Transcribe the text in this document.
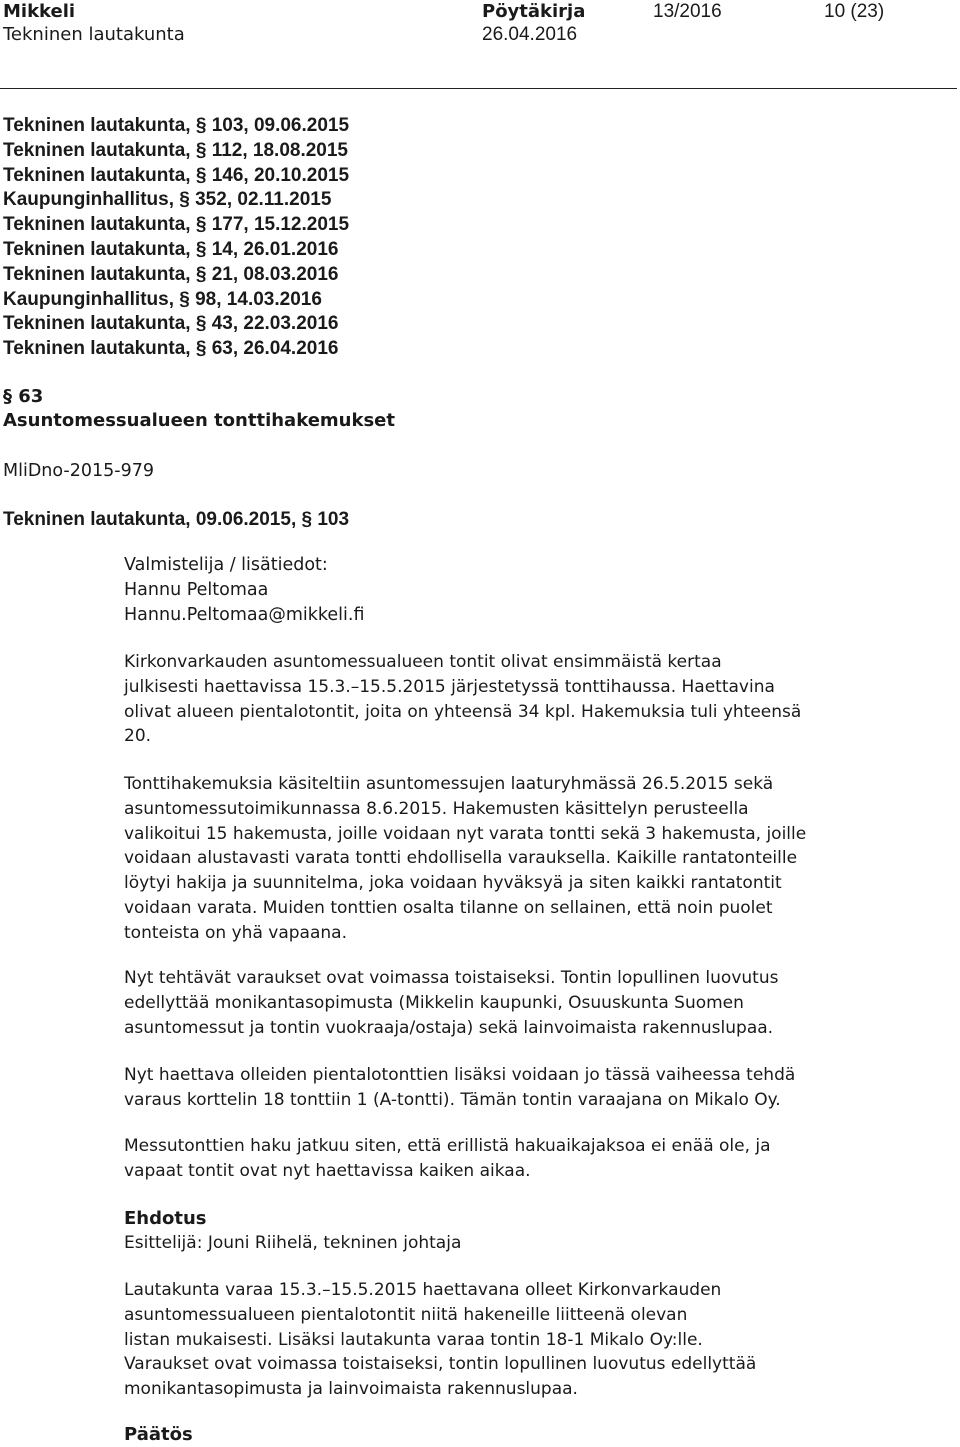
Mikkeli	Pöytäkirja	13/2016	10 (23)
Tekninen lautakunta	26.04.2016
Tekninen lautakunta, § 103, 09.06.2015
Tekninen lautakunta, § 112, 18.08.2015
Tekninen lautakunta, § 146, 20.10.2015
Kaupunginhallitus, § 352, 02.11.2015
Tekninen lautakunta, § 177, 15.12.2015
Tekninen lautakunta, § 14, 26.01.2016
Tekninen lautakunta, § 21, 08.03.2016
Kaupunginhallitus, § 98, 14.03.2016
Tekninen lautakunta, § 43, 22.03.2016
Tekninen lautakunta, § 63, 26.04.2016
§ 63
Asuntomessualueen tonttihakemukset
MliDno-2015-979
Tekninen lautakunta, 09.06.2015, § 103
Valmistelija / lisätiedot:
Hannu Peltomaa
Hannu.Peltomaa@mikkeli.fi
Kirkonvarkauden asuntomessualueen tontit olivat ensimmäistä kertaa
julkisesti haettavissa 15.3.–15.5.2015 järjestetyssä tonttihaussa. Haettavina
olivat alueen pientalotontit, joita on yhteensä 34 kpl. Hakemuksia tuli yhteensä
20.
Tonttihakemuksia käsiteltiin asuntomessujen laaturyhmässä 26.5.2015 sekä
asuntomessutoimikunnassa 8.6.2015. Hakemusten käsittelyn perusteella
valikoitui 15 hakemusta, joille voidaan nyt varata tontti sekä 3 hakemusta, joille
voidaan alustavasti varata tontti ehdollisella varauksella. Kaikille rantatonteille
löytyi hakija ja suunnitelma, joka voidaan hyväksyä ja siten kaikki rantatontit
voidaan varata. Muiden tonttien osalta tilanne on sellainen, että noin puolet
tonteista on yhä vapaana.
Nyt tehtävät varaukset ovat voimassa toistaiseksi. Tontin lopullinen luovutus
edellyttää monikantasopimusta (Mikkelin kaupunki, Osuuskunta Suomen
asuntomessut ja tontin vuokraaja/ostaja) sekä lainvoimaista rakennuslupaa.
Nyt haettava olleiden pientalotonttien lisäksi voidaan jo tässä vaiheessa tehdä
varaus korttelin 18 tonttiin 1 (A-tontti). Tämän tontin varaajana on Mikalo Oy.
Messutonttien haku jatkuu siten, että erillistä hakuaikajaksoa ei enää ole, ja
vapaat tontit ovat nyt haettavissa kaiken aikaa.
Ehdotus
Esittelijä: Jouni Riihelä, tekninen johtaja
Lautakunta varaa 15.3.–15.5.2015 haettavana olleet Kirkonvarkauden
asuntomessualueen pientalotontit niitä hakeneille liitteenä olevan
listan mukaisesti. Lisäksi lautakunta varaa tontin 18-1 Mikalo Oy:lle.
Varaukset ovat voimassa toistaiseksi, tontin lopullinen luovutus edellyttää
monikantasopimusta ja lainvoimaista rakennuslupaa.
Päätös
